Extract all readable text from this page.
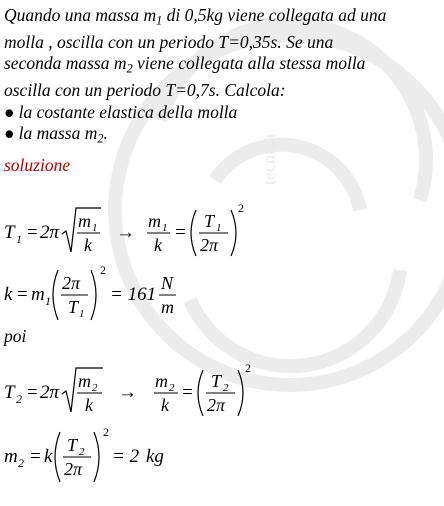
tecnica

Quando una massa $m_1$ di 0,5kg viene collegata ad una

molla , oscilla con un periodo T=0,35s. Se una

seconda massa $m_2$ viene collegata alla stessa molla

oscilla con un periodo T=0,7s. Calcola:

● la costante elastica della molla

● la massa $m_2$.

soluzione
T 1 = 2π
m 1
k
→
m 1
k
=
T 1
2π
2
k = m 1
2π
T 1
2
= 161
N
m
poi
T 2 = 2π
m 2
k
→
m 2
k
=
T 2
2π
2
m 2 = k
T 2
2π
2
= 2 kg
